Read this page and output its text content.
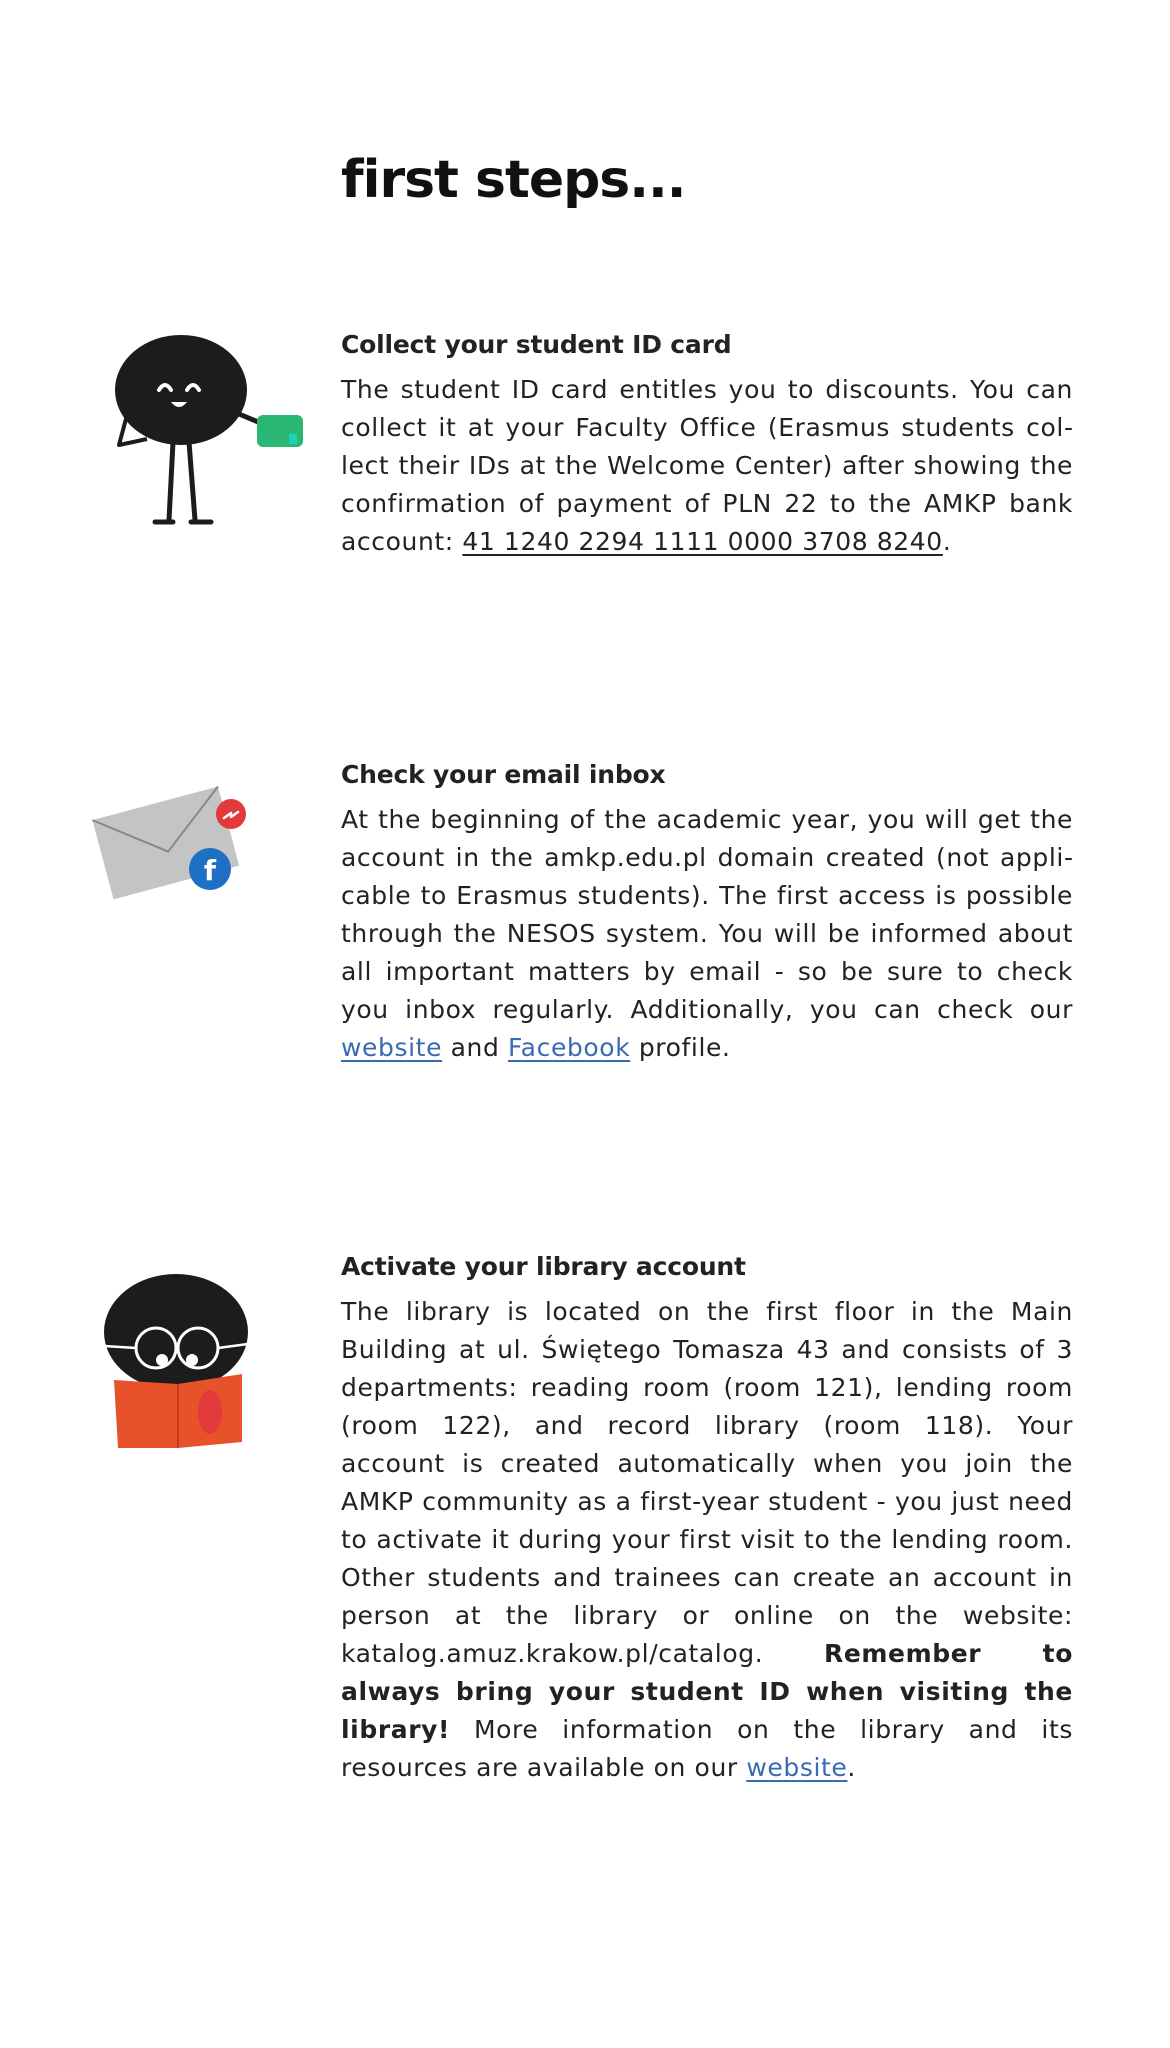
first steps...

Collect your student ID card

The student ID card entitles you to discounts. You can collect it at your Faculty Office (Erasmus students collect their IDs at the Welcome Center) after showing the confirmation of payment of PLN 22 to the AMKP bank account: 41 1240 2294 1111 0000 3708 8240.

f

Check your email inbox

At the beginning of the academic year, you will get the account in the amkp.edu.pl domain created (not applicable to Erasmus students). The first access is possible through the NESOS system. You will be informed about all important matters by email - so be sure to check you inbox regularly. Additionally, you can check our website and Facebook profile.

Activate your library account

The library is located on the first floor in the Main Building at ul. Świętego Tomasza 43 and consists of 3 departments: reading room (room 121), lending room (room 122), and record library (room 118). Your account is created automatically when you join the AMKP community as a first-year student - you just need to activate it during your first visit to the lending room. Other students and trainees can create an account in person at the library or online on the website: katalog.amuz.krakow.pl/catalog. Remember to always bring your student ID when visiting the library! More information on the library and its resources are available on our website.
